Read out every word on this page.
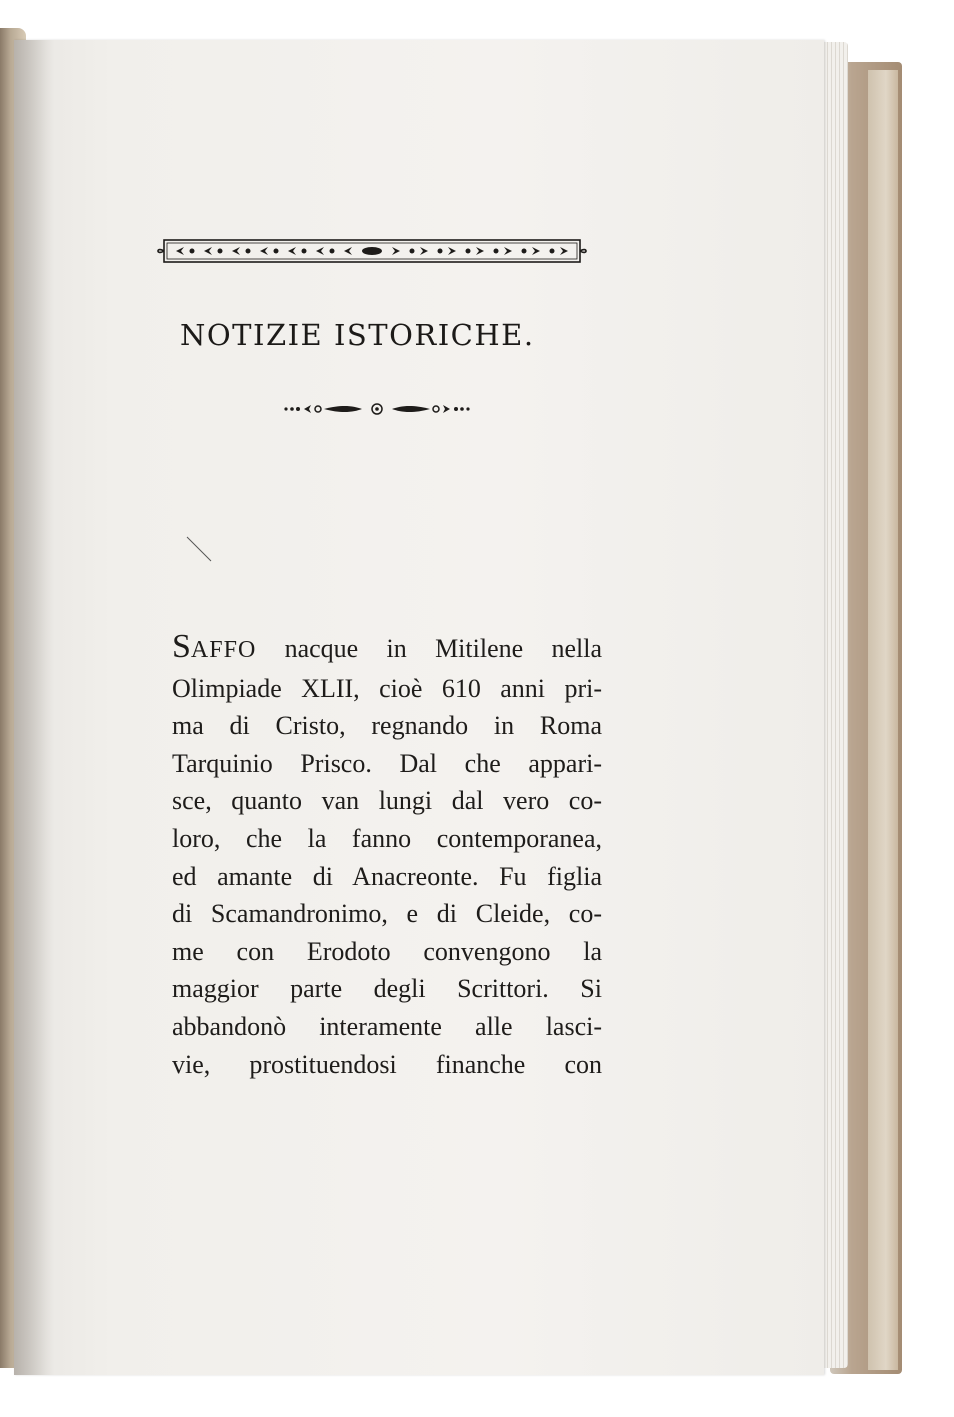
NOTIZIE ISTORICHE.
SAFFO nacque in Mitilene nella
Olimpiade XLII, cioè 610 anni pri-
ma di Cristo, regnando in Roma
Tarquinio Prisco. Dal che appari-
sce, quanto van lungi dal vero co-
loro, che la fanno contemporanea,
ed amante di Anacreonte. Fu figlia
di Scamandronimo, e di Cleide, co-
me con Erodoto convengono la
maggior parte degli Scrittori. Si
abbandonò interamente alle lasci-
vie, prostituendosi finanche con
